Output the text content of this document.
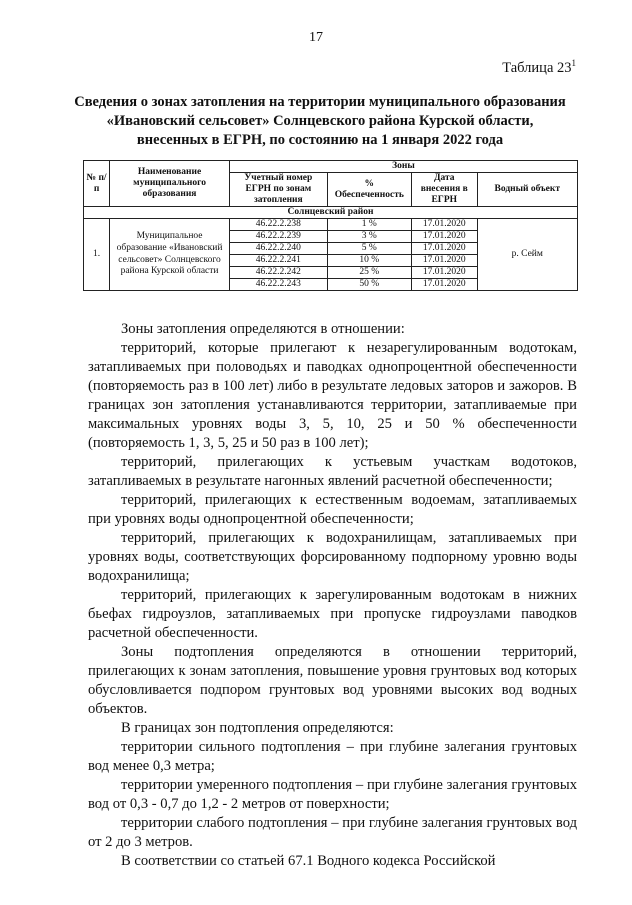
17
Таблица $23^1$
Сведения о зонах затопления на территории муниципального образования «Ивановский сельсовет» Солнцевского района Курской области, внесенных в ЕГРН, по состоянию на 1 января 2022 года
№ п/п	Наименование муниципального образования	Зоны			
		Учетный номер ЕГРН по зонам затопления	% Обеспеченность	Дата внесения в ЕГРН	Водный объект
Солнцевский район					
1.	Муниципальное образование «Ивановский сельсовет» Солнцевского района Курской области	46.22.2.238	1 %	17.01.2020	р. Сейм
		46.22.2.239	3 %	17.01.2020	
		46.22.2.240	5 %	17.01.2020	
		46.22.2.241	10 %	17.01.2020	
		46.22.2.242	25 %	17.01.2020	
		46.22.2.243	50 %	17.01.2020	

Зоны затопления определяются в отношении:

территорий, которые прилегают к незарегулированным водотокам, затапливаемых при половодьях и паводках однопроцентной обеспеченности (повторяемость раз в 100 лет) либо в результате ледовых заторов и зажоров. В границах зон затопления устанавливаются территории, затапливаемые при максимальных уровнях воды 3, 5, 10, 25 и 50 % обеспеченности (повторяемость 1, 3, 5, 25 и 50 раз в 100 лет);

территорий, прилегающих к устьевым участкам водотоков, затапливаемых в результате нагонных явлений расчетной обеспеченности;

территорий, прилегающих к естественным водоемам, затапливаемых при уровнях воды однопроцентной обеспеченности;

территорий, прилегающих к водохранилищам, затапливаемых при уровнях воды, соответствующих форсированному подпорному уровню воды водохранилища;

территорий, прилегающих к зарегулированным водотокам в нижних бьефах гидроузлов, затапливаемых при пропуске гидроузлами паводков расчетной обеспеченности.

Зоны подтопления определяются в отношении территорий, прилегающих к зонам затопления, повышение уровня грунтовых вод которых обусловливается подпором грунтовых вод уровнями высоких вод водных объектов.

В границах зон подтопления определяются:

территории сильного подтопления – при глубине залегания грунтовых вод менее 0,3 метра;

территории умеренного подтопления – при глубине залегания грунтовых вод от 0,3 - 0,7 до 1,2 - 2 метров от поверхности;

территории слабого подтопления – при глубине залегания грунтовых вод от 2 до 3 метров.

В соответствии со статьей 67.1 Водного кодекса Российской
